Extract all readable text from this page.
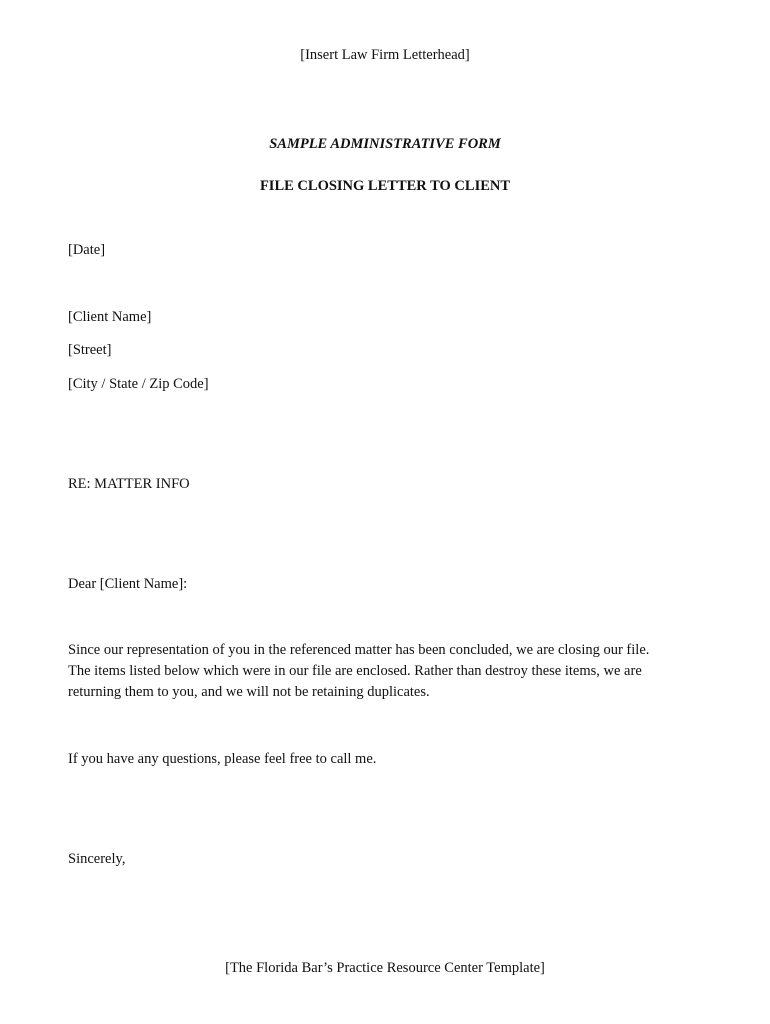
[Insert Law Firm Letterhead]
SAMPLE ADMINISTRATIVE FORM
FILE CLOSING LETTER TO CLIENT
[Date]
[Client Name]
[Street]
[City / State / Zip Code]
RE: MATTER INFO
Dear [Client Name]:
Since our representation of you in the referenced matter has been concluded, we are closing our file.
The items listed below which were in our file are enclosed. Rather than destroy these items, we are
returning them to you, and we will not be retaining duplicates.
If you have any questions, please feel free to call me.
Sincerely,
[The Florida Bar’s Practice Resource Center Template]
